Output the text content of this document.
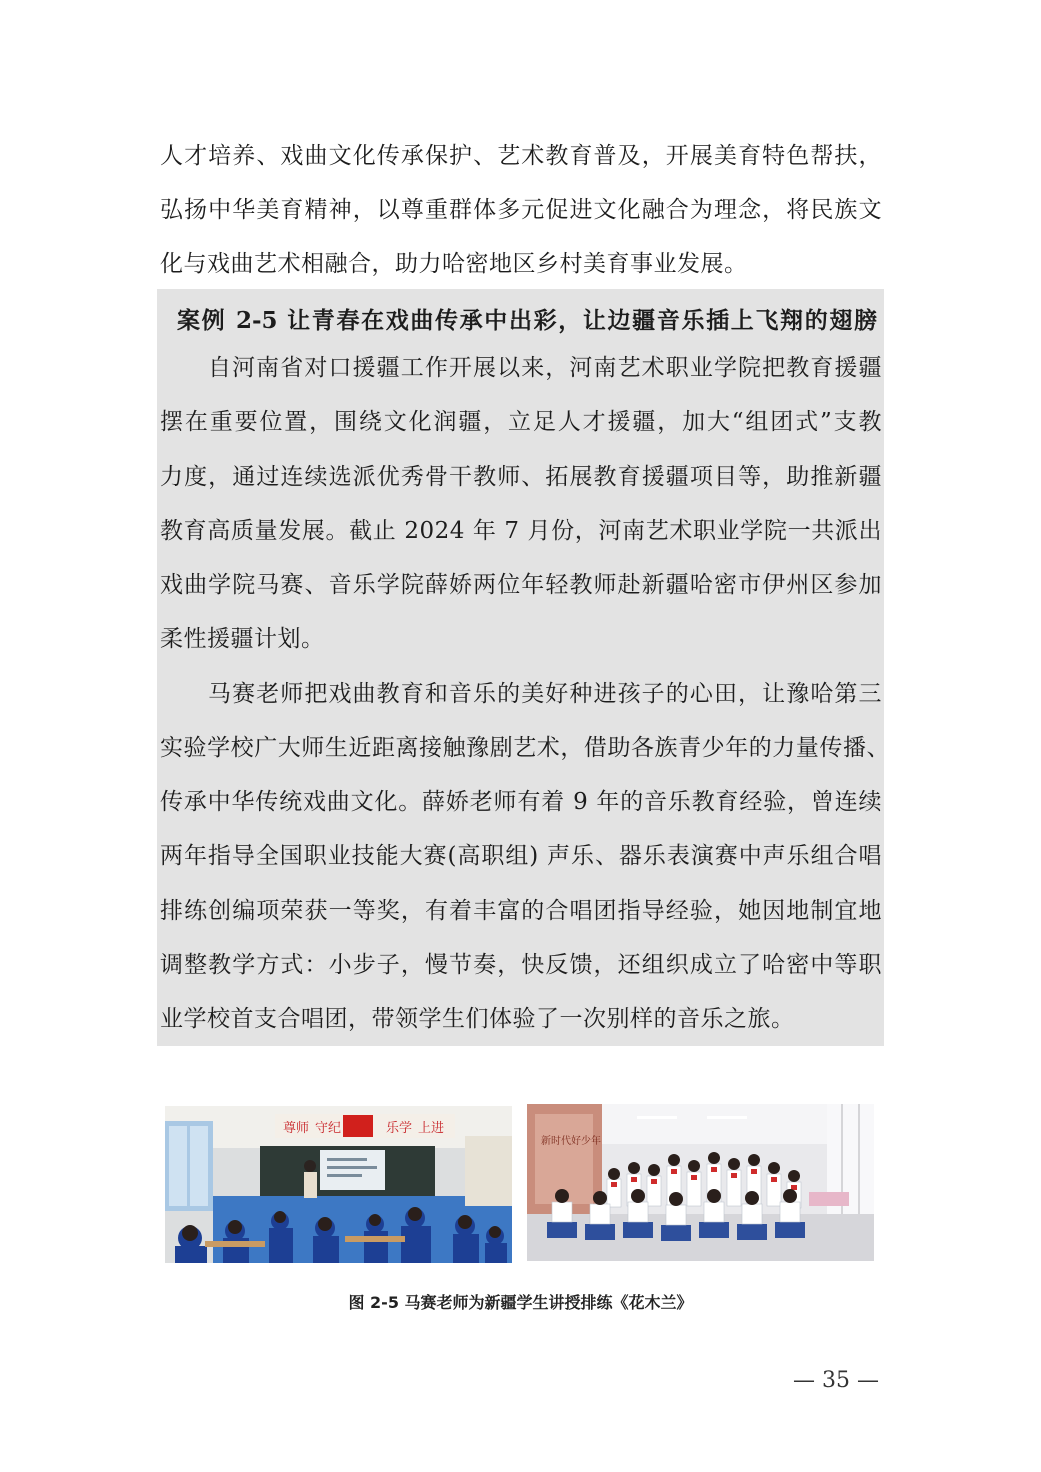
人才培养、戏曲文化传承保护、艺术教育普及，开展美育特色帮扶，
弘扬中华美育精神，以尊重群体多元促进文化融合为理念，将民族文
化与戏曲艺术相融合，助力哈密地区乡村美育事业发展。
案例 2-5 让青春在戏曲传承中出彩，让边疆音乐插上飞翔的翅膀
自河南省对口援疆工作开展以来，河南艺术职业学院把教育援疆
摆在重要位置，围绕文化润疆，立足人才援疆，加大“组团式”支教
力度，通过连续选派优秀骨干教师、拓展教育援疆项目等，助推新疆
教育高质量发展。截止 2024 年 7 月份，河南艺术职业学院一共派出
戏曲学院马赛、音乐学院薛娇两位年轻教师赴新疆哈密市伊州区参加
柔性援疆计划。
马赛老师把戏曲教育和音乐的美好种进孩子的心田，让豫哈第三
实验学校广大师生近距离接触豫剧艺术，借助各族青少年的力量传播、
传承中华传统戏曲文化。薛娇老师有着 9 年的音乐教育经验，曾连续
两年指导全国职业技能大赛(高职组) 声乐、器乐表演赛中声乐组合唱
排练创编项荣获一等奖，有着丰富的合唱团指导经验，她因地制宜地
调整教学方式：小步子，慢节奏，快反馈，还组织成立了哈密中等职
业学校首支合唱团，带领学生们体验了一次别样的音乐之旅。
尊师 守纪	乐学 上进
新时代好少年
图 2-5 马赛老师为新疆学生讲授排练《花木兰》
— 35 —
